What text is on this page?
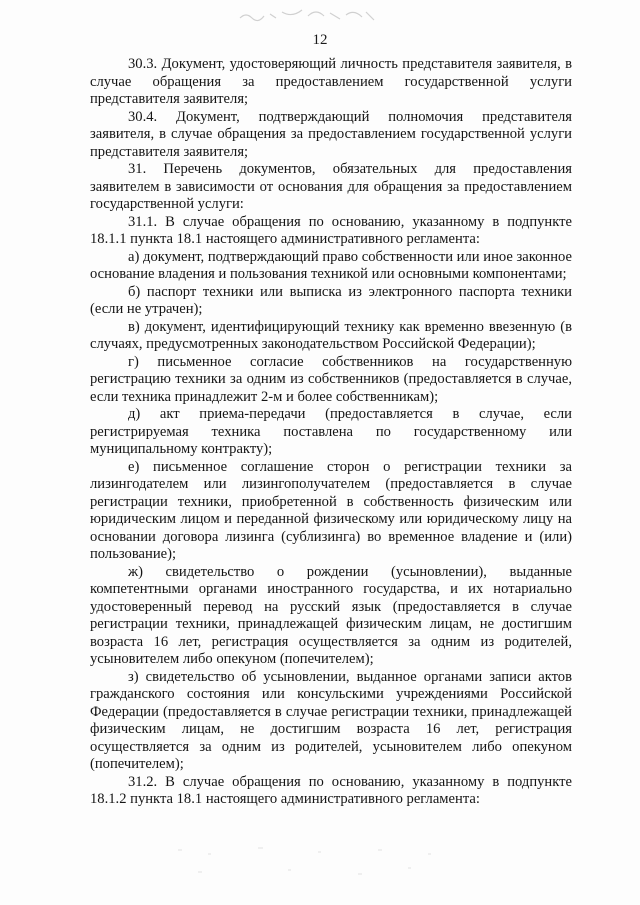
12

30.3. Документ, удостоверяющий личность представителя заявителя, в случае обращения за предоставлением государственной услуги представителя заявителя;

30.4. Документ, подтверждающий полномочия представителя заявителя, в случае обращения за предоставлением государственной услуги представителя заявителя;

31. Перечень документов, обязательных для предоставления заявителем в зависимости от основания для обращения за предоставлением государственной услуги:

31.1. В случае обращения по основанию, указанному в подпункте 18.1.1 пункта 18.1 настоящего административного регламента:

а) документ, подтверждающий право собственности или иное законное основание владения и пользования техникой или основными компонентами;

б) паспорт техники или выписка из электронного паспорта техники (если не утрачен);

в) документ, идентифицирующий технику как временно ввезенную (в случаях, предусмотренных законодательством Российской Федерации);

г) письменное согласие собственников на государственную регистрацию техники за одним из собственников (предоставляется в случае, если техника принадлежит 2-м и более собственникам);

д) акт приема-передачи (предоставляется в случае, если регистрируемая техника поставлена по государственному или муниципальному контракту);

е) письменное соглашение сторон о регистрации техники за лизингодателем или лизингополучателем (предоставляется в случае регистрации техники, приобретенной в собственность физическим или юридическим лицом и переданной физическому или юридическому лицу на основании договора лизинга (сублизинга) во временное владение и (или) пользование);

ж) свидетельство о рождении (усыновлении), выданные компетентными органами иностранного государства, и их нотариально удостоверенный перевод на русский язык (предоставляется в случае регистрации техники, принадлежащей физическим лицам, не достигшим возраста 16 лет, регистрация осуществляется за одним из родителей, усыновителем либо опекуном (попечителем);

з) свидетельство об усыновлении, выданное органами записи актов гражданского состояния или консульскими учреждениями Российской Федерации (предоставляется в случае регистрации техники, принадлежащей физическим лицам, не достигшим возраста 16 лет, регистрация осуществляется за одним из родителей, усыновителем либо опекуном (попечителем);

31.2. В случае обращения по основанию, указанному в подпункте 18.1.2 пункта 18.1 настоящего административного регламента:
